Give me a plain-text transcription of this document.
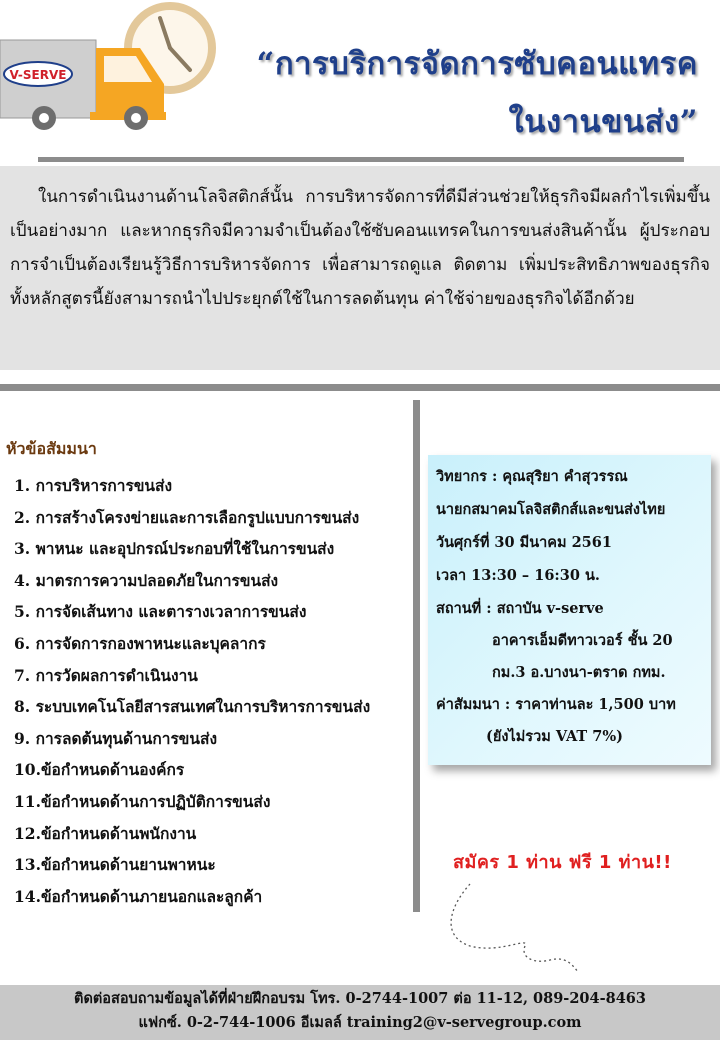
V-SERVE	“การบริการจัดการซับคอนแทรค
ในงานขนส่ง”

ในการดำเนินงานด้านโลจิสติกส์นั้น การบริหารจัดการที่ดีมีส่วนช่วยให้ธุรกิจมีผลกำไรเพิ่มขึ้นเป็นอย่างมาก และหากธุรกิจมีความจำเป็นต้องใช้ซับคอนแทรคในการขนส่งสินค้านั้น ผู้ประกอบการจำเป็นต้องเรียนรู้วิธีการบริหารจัดการ เพื่อสามารถดูแล ติดตาม เพิ่มประสิทธิภาพของธุรกิจ ทั้งหลักสูตรนี้ยังสามารถนำไปประยุกต์ใช้ในการลดต้นทุน ค่าใช้จ่ายของธุรกิจได้อีกด้วย

หัวข้อสัมมนา
1. การบริหารการขนส่ง
2. การสร้างโครงข่ายและการเลือกรูปแบบการขนส่ง
3. พาหนะ และอุปกรณ์ประกอบที่ใช้ในการขนส่ง
4. มาตรการความปลอดภัยในการขนส่ง
5. การจัดเส้นทาง และตารางเวลาการขนส่ง
6. การจัดการกองพาหนะและบุคลากร
7. การวัดผลการดำเนินงาน
8. ระบบเทคโนโลยีสารสนเทศในการบริหารการขนส่ง
9. การลดต้นทุนด้านการขนส่ง
10.ข้อกำหนดด้านองค์กร
11.ข้อกำหนดด้านการปฏิบัติการขนส่ง
12.ข้อกำหนดด้านพนักงาน
13.ข้อกำหนดด้านยานพาหนะ
14.ข้อกำหนดด้านภายนอกและลูกค้า
วิทยากร : คุณสุริยา คำสุวรรณ
นายกสมาคมโลจิสติกส์และขนส่งไทย
วันศุกร์ที่ 30 มีนาคม 2561
เวลา 13:30 – 16:30 น.
สถานที่ : สถาบัน v-serve
อาคารเอ็มดีทาวเวอร์ ชั้น 20
กม.3 อ.บางนา-ตราด กทม.
ค่าสัมมนา : ราคาท่านละ 1,500 บาท
(ยังไม่รวม VAT 7%)
สมัคร 1 ท่าน ฟรี 1 ท่าน!!
ติดต่อสอบถามข้อมูลได้ที่ฝ่ายฝึกอบรม โทร. 0-2744-1007 ต่อ 11-12, 089-204-8463
แฟกซ์. 0-2-744-1006 อีเมลล์ training2@v-servegroup.com
